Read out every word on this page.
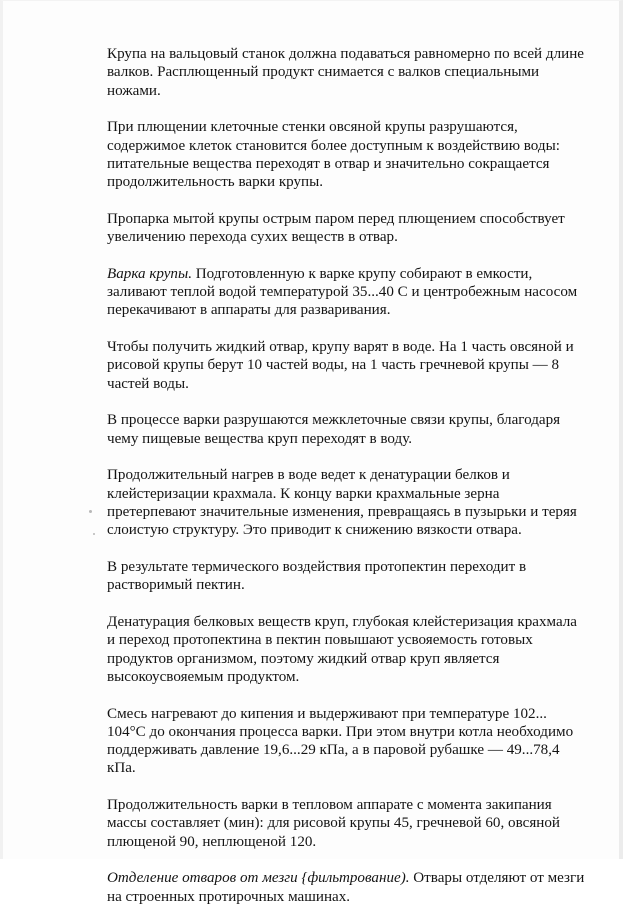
Крупа на вальцовый станок должна подаваться равномерно по всей длине валков. Расплющенный продукт снимается с валков специальными ножами.

При плющении клеточные стенки овсяной крупы разрушаются, содержимое клеток становится более доступным к воздействию воды: питательные вещества переходят в отвар и значительно сокращается продолжительность варки крупы.

Пропарка мытой крупы острым паром перед плющением способствует увеличению перехода сухих веществ в отвар.

Варка крупы. Подготовленную к варке крупу собирают в емкости, заливают теплой водой температурой 35...40 С и центробежным насосом перекачивают в аппараты для разваривания.

Чтобы получить жидкий отвар, крупу варят в воде. На 1 часть овсяной и рисовой крупы берут 10 частей воды, на 1 часть гречневой крупы — 8 частей воды.

В процессе варки разрушаются межклеточные связи крупы, благодаря чему пищевые вещества круп переходят в воду.

Продолжительный нагрев в воде ведет к денатурации белков и клейстеризации крахмала. К концу варки крахмальные зерна претерпевают значительные изменения, превращаясь в пузырьки и теряя слоистую структуру. Это приводит к снижению вязкости отвара.

В результате термического воздействия протопектин переходит в растворимый пектин.

Денатурация белковых веществ круп, глубокая клейстеризация крахмала и переход протопектина в пектин повышают усвояемость готовых продуктов организмом, поэтому жидкий отвар круп является высокоусвояемым продуктом.

Смесь нагревают до кипения и выдерживают при температуре 102... 104°С до окончания процесса варки. При этом внутри котла необходимо поддерживать давление 19,6...29 кПа, а в паровой рубашке — 49...78,4 кПа.

Продолжительность варки в тепловом аппарате с момента закипания массы составляет (мин): для рисовой крупы 45, гречневой 60, овсяной плющеной 90, неплющеной 120.

Отделение отваров от мезги {фильтрование). Отвары отделяют от мезги на строенных протирочных машинах.
